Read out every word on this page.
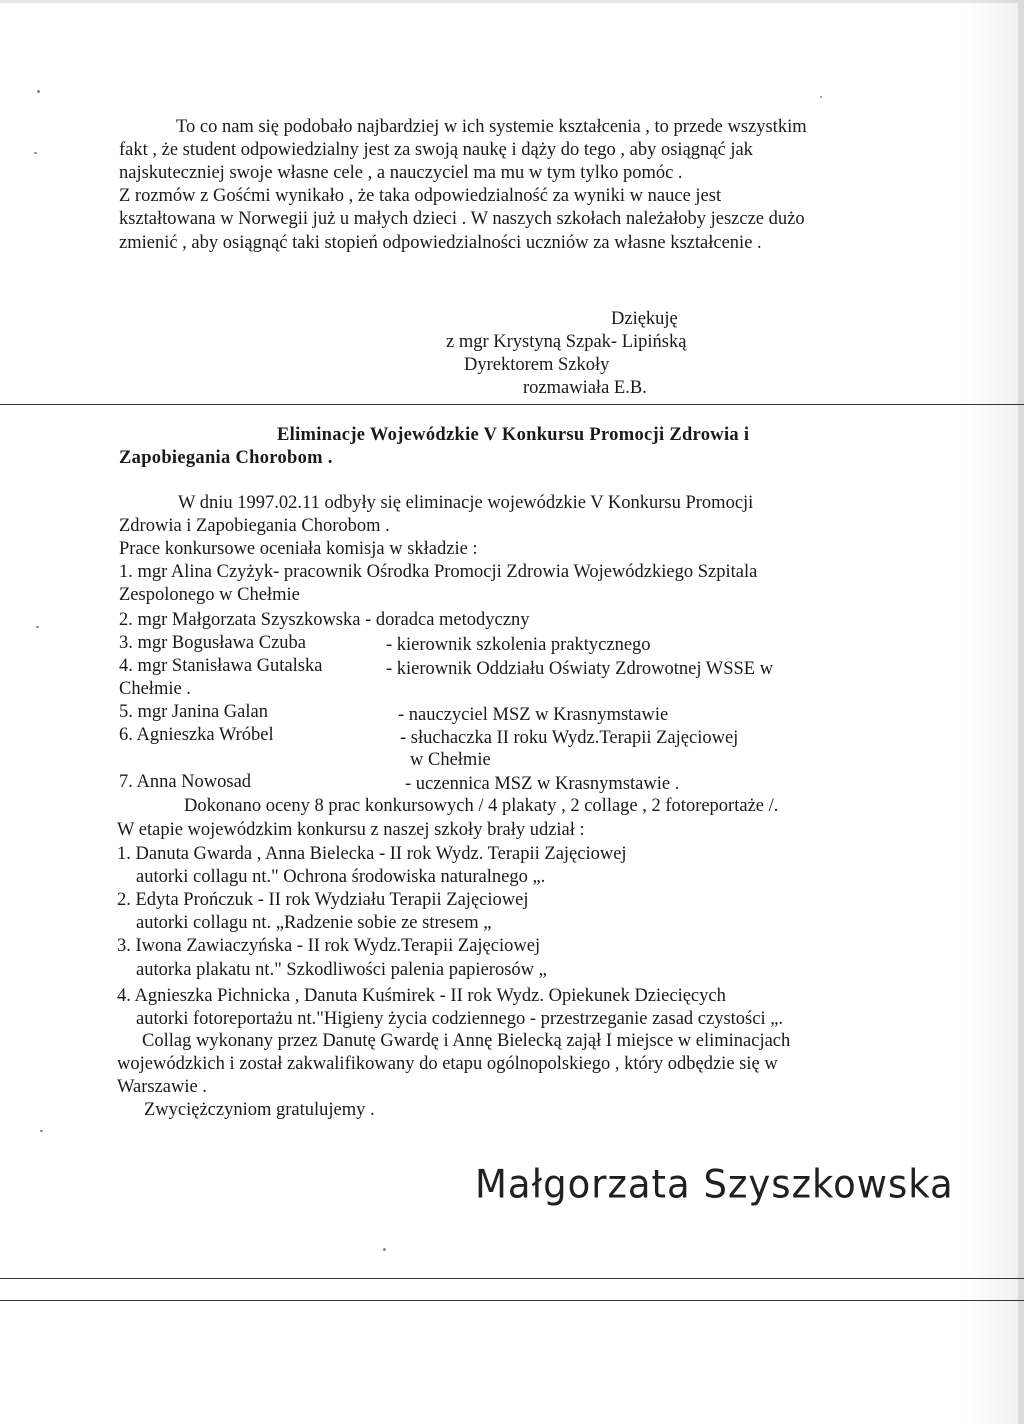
To co nam się podobało najbardziej w ich systemie kształcenia , to przede wszystkim
fakt , że student odpowiedzialny jest za swoją naukę i dąży do tego , aby osiągnąć jak
najskuteczniej swoje własne cele , a nauczyciel ma mu w tym tylko pomóc .
Z rozmów z Gośćmi wynikało , że taka odpowiedzialność za wyniki w nauce jest
kształtowana w Norwegii już u małych dzieci . W naszych szkołach należałoby jeszcze dużo
zmienić , aby osiągnąć taki stopień odpowiedzialności uczniów za własne kształcenie .
Dziękuję
z mgr Krystyną Szpak- Lipińską
Dyrektorem Szkoły
rozmawiała E.B.
Eliminacje Wojewódzkie V Konkursu Promocji Zdrowia i
Zapobiegania Chorobom .
W dniu 1997.02.11 odbyły się eliminacje wojewódzkie V Konkursu Promocji
Zdrowia i Zapobiegania Chorobom .
Prace konkursowe oceniała komisja w składzie :
1. mgr Alina Czyżyk- pracownik Ośrodka Promocji Zdrowia Wojewódzkiego Szpitala
Zespolonego w Chełmie
2. mgr Małgorzata Szyszkowska - doradca metodyczny
3. mgr Bogusława Czuba	- kierownik szkolenia praktycznego
4. mgr Stanisława Gutalska	- kierownik Oddziału Oświaty Zdrowotnej WSSE w
Chełmie .
5. mgr Janina Galan	- nauczyciel MSZ w Krasnymstawie
6. Agnieszka Wróbel	- słuchaczka II roku Wydz.Terapii Zajęciowej
w Chełmie
7. Anna Nowosad	- uczennica MSZ w Krasnymstawie .
Dokonano oceny 8 prac konkursowych / 4 plakaty , 2 collage , 2 fotoreportaże /.
W etapie wojewódzkim konkursu z naszej szkoły brały udział :
1. Danuta Gwarda , Anna Bielecka - II rok Wydz. Terapii Zajęciowej
autorki collagu nt." Ochrona środowiska naturalnego „.
2. Edyta Prończuk - II rok Wydziału Terapii Zajęciowej
autorki collagu nt. „Radzenie sobie ze stresem „
3. Iwona Zawiaczyńska - II rok Wydz.Terapii Zajęciowej
autorka plakatu nt." Szkodliwości palenia papierosów „
4. Agnieszka Pichnicka , Danuta Kuśmirek - II rok Wydz. Opiekunek Dziecięcych
autorki fotoreportażu nt."Higieny życia codziennego - przestrzeganie zasad czystości „.
Collag wykonany przez Danutę Gwardę i Annę Bielecką zajął I miejsce w eliminacjach
wojewódzkich i został zakwalifikowany do etapu ogólnopolskiego , który odbędzie się w
Warszawie .
Zwyciężczyniom gratulujemy .
Małgorzata Szyszkowska
